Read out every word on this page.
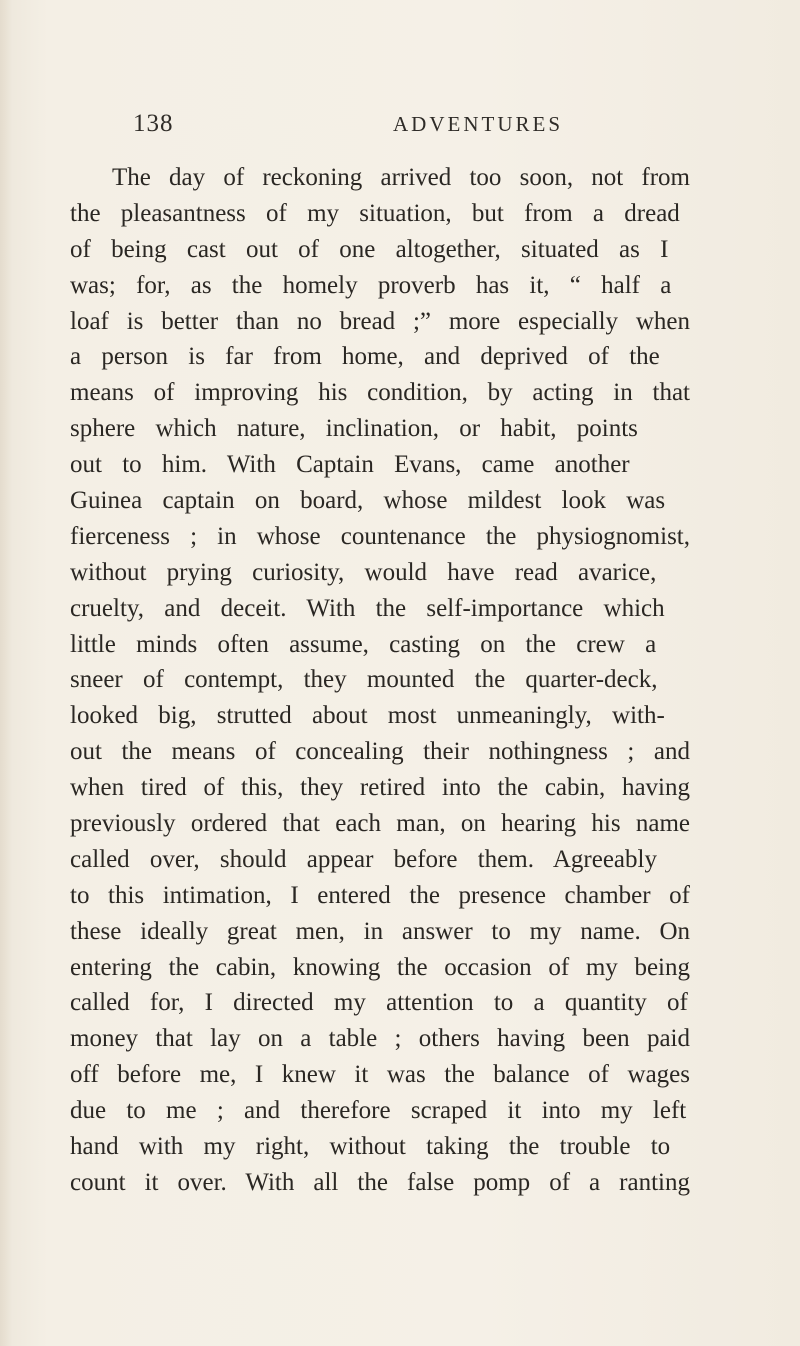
138	ADVENTURES
The day of reckoning arrived too soon, not from
the pleasantness of my situation, but from a dread
of being cast out of one altogether, situated as I
was; for, as the homely proverb has it, “ half a
loaf is better than no bread ;” more especially when
a person is far from home, and deprived of the
means of improving his condition, by acting in that
sphere which nature, inclination, or habit, points
out to him. With Captain Evans, came another
Guinea captain on board, whose mildest look was
fierceness ; in whose countenance the physiognomist,
without prying curiosity, would have read avarice,
cruelty, and deceit. With the self-importance which
little minds often assume, casting on the crew a
sneer of contempt, they mounted the quarter-deck,
looked big, strutted about most unmeaningly, with-
out the means of concealing their nothingness ; and
when tired of this, they retired into the cabin, having
previously ordered that each man, on hearing his name
called over, should appear before them. Agreeably
to this intimation, I entered the presence chamber of
these ideally great men, in answer to my name. On
entering the cabin, knowing the occasion of my being
called for, I directed my attention to a quantity of
money that lay on a table ; others having been paid
off before me, I knew it was the balance of wages
due to me ; and therefore scraped it into my left
hand with my right, without taking the trouble to
count it over. With all the false pomp of a ranting
